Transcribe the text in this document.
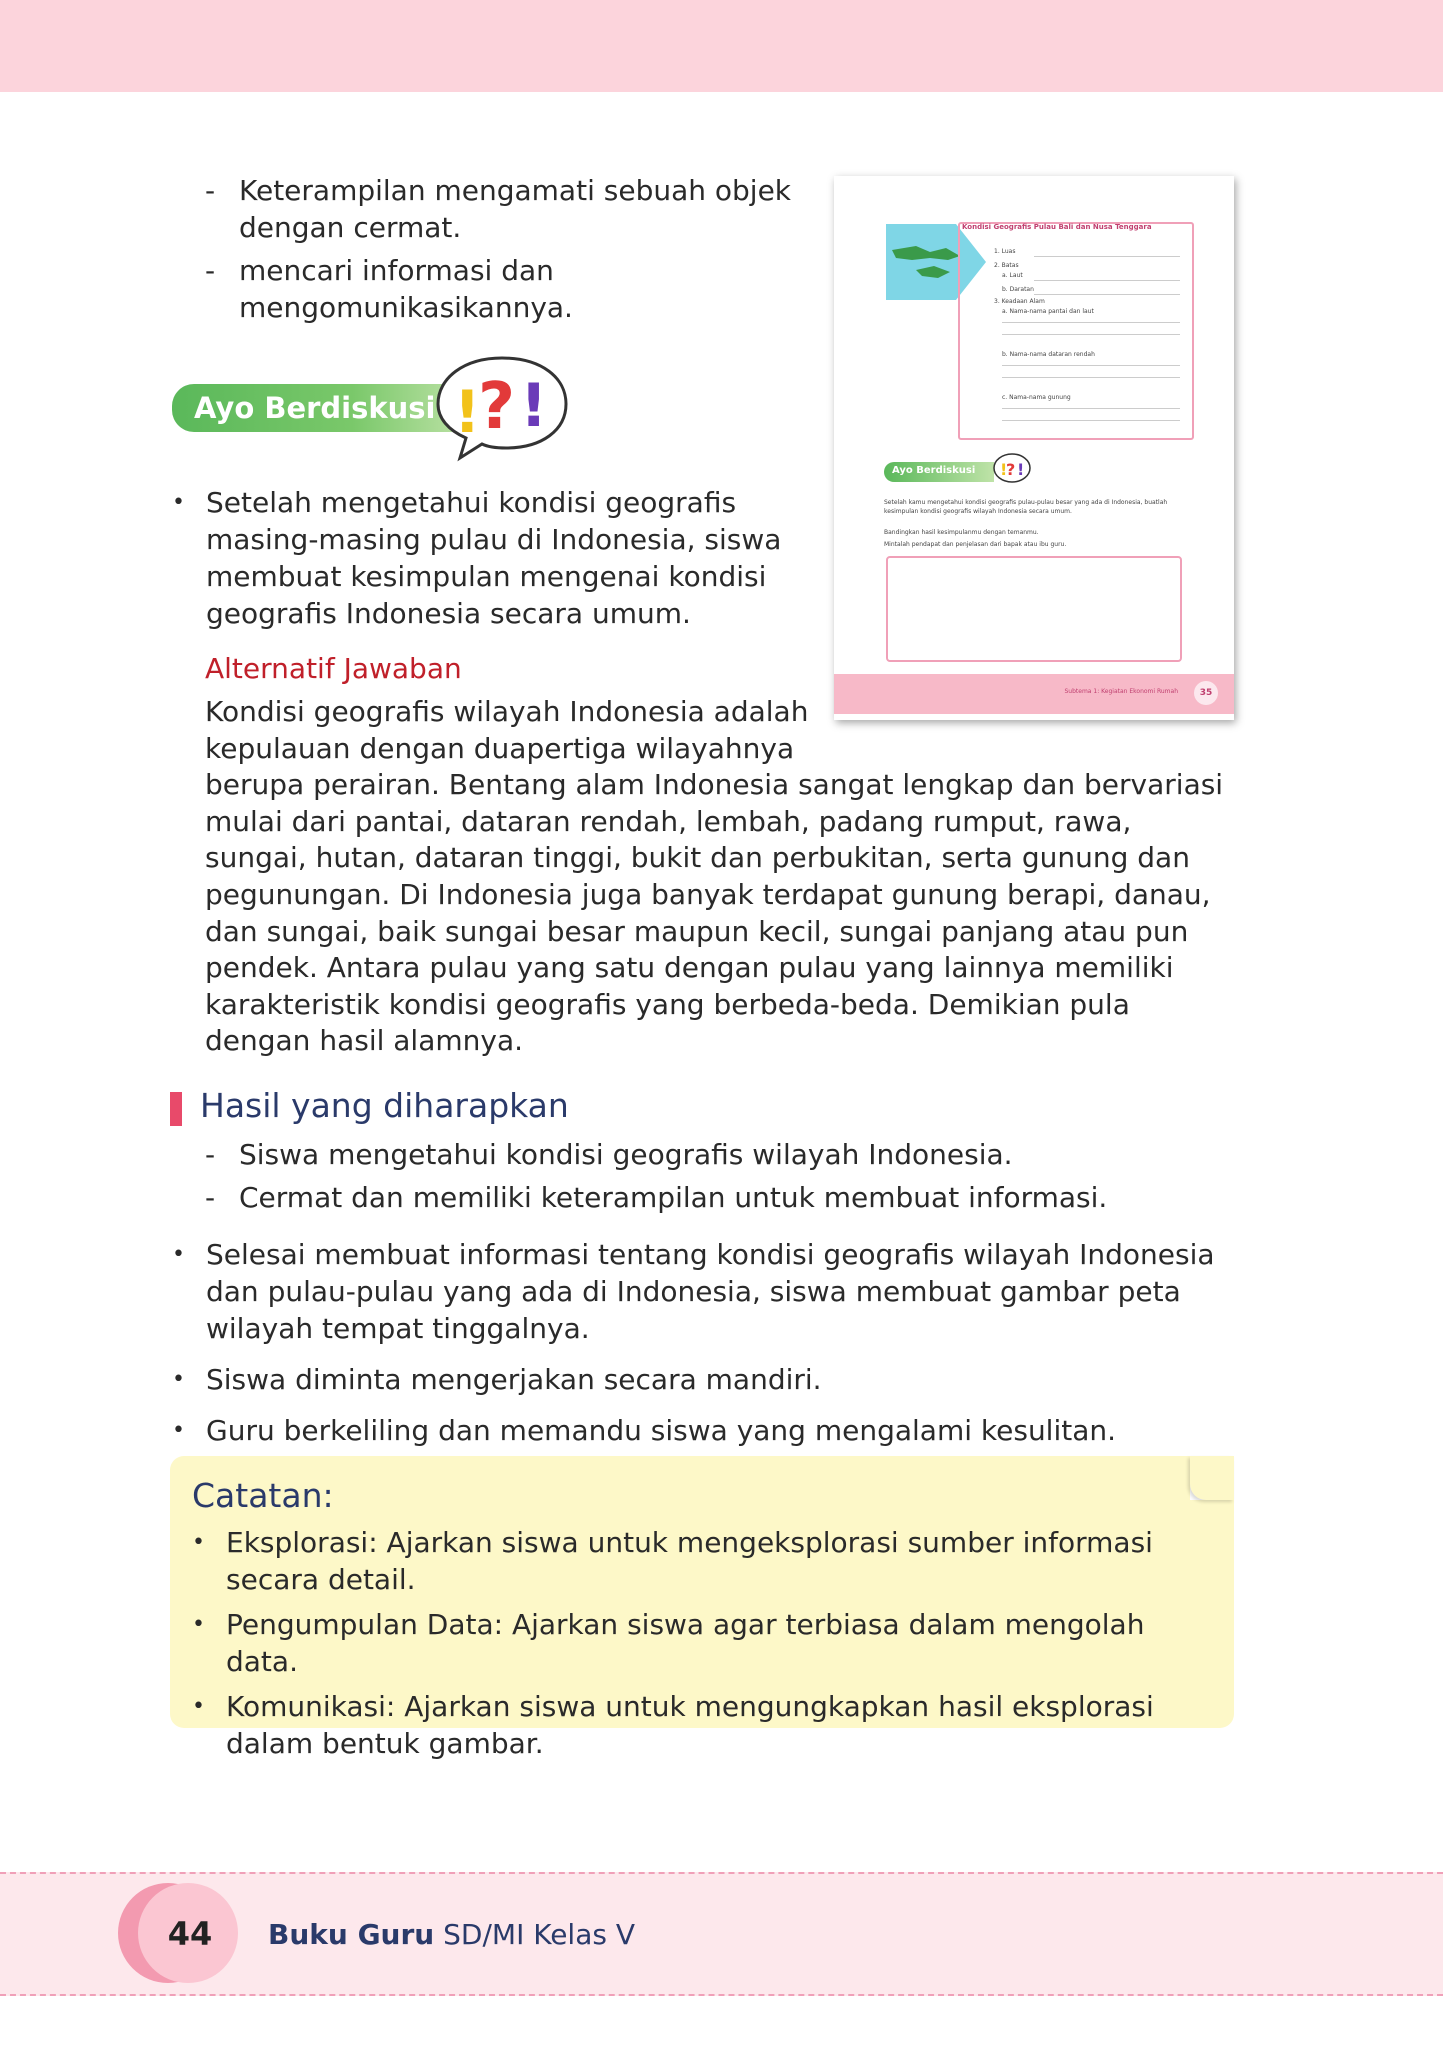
- Keterampilan mengamati sebuah objek dengan cermat.
- mencari informasi dan mengomunikasikannya.
Ayo Berdiskusi !
? !
• Setelah mengetahui kondisi geografis masing-masing pulau di Indonesia, siswa membuat kesimpulan mengenai kondisi geografis Indonesia secara umum.
Kondisi Geografis Pulau Bali dan Nusa Tenggara
1. Luas
2. Batas
a. Laut
b. Daratan
3. Keadaan Alam
a. Nama-nama pantai dan laut
b. Nama-nama dataran rendah
c. Nama-nama gunung
Ayo Berdiskusi !
? !
Setelah kamu mengetahui kondisi geografis pulau-pulau besar yang ada di Indonesia, buatlah kesimpulan kondisi geografis wilayah Indonesia secara umum.
Bandingkan hasil kesimpulanmu dengan temanmu.
Mintalah pendapat dan penjelasan dari bapak atau ibu guru.
Subtema 1: Kegiatan Ekonomi Rumah	35
Alternatif Jawaban
Kondisi geografis wilayah Indonesia adalah kepulauan dengan duapertiga wilayahnya berupa perairan. Bentang alam Indonesia sangat lengkap dan bervariasi mulai dari pantai, dataran rendah, lembah, padang rumput, rawa, sungai, hutan, dataran tinggi, bukit dan perbukitan, serta gunung dan pegunungan. Di Indonesia juga banyak terdapat gunung berapi, danau, dan sungai, baik sungai besar maupun kecil, sungai panjang atau pun pendek. Antara pulau yang satu dengan pulau yang lainnya memiliki karakteristik kondisi geografis yang berbeda-beda. Demikian pula dengan hasil alamnya.
Hasil yang diharapkan
- Siswa mengetahui kondisi geografis wilayah Indonesia.
- Cermat dan memiliki keterampilan untuk membuat informasi.
• Selesai membuat informasi tentang kondisi geografis wilayah Indonesia dan pulau-pulau yang ada di Indonesia, siswa membuat gambar peta wilayah tempat tinggalnya.
• Siswa diminta mengerjakan secara mandiri.
• Guru berkeliling dan memandu siswa yang mengalami kesulitan.
Catatan:
• Eksplorasi: Ajarkan siswa untuk mengeksplorasi sumber informasi secara detail.
• Pengumpulan Data: Ajarkan siswa agar terbiasa dalam mengolah data.
• Komunikasi: Ajarkan siswa untuk mengungkapkan hasil eksplorasi dalam bentuk gambar.
44	Buku Guru SD/MI Kelas V
